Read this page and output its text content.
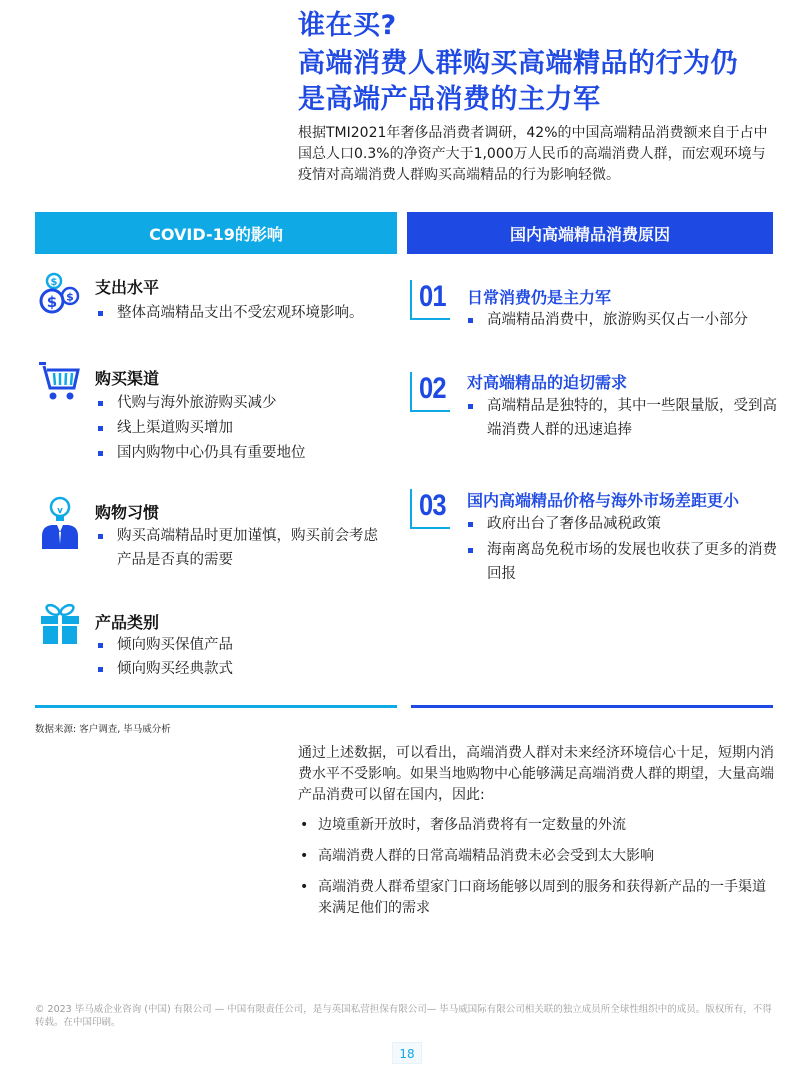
谁在买?
高端消费人群购买高端精品的行为仍
是高端产品消费的主力军

根据TMI2021年奢侈品消费者调研，42%的中国高端精品消费额来自于占中国总人口0.3%的净资产大于1,000万人民币的高端消费人群，而宏观环境与疫情对高端消费人群购买高端精品的行为影响轻微。

COVID-19的影响	国内高端精品消费原因
$
$ $ 支出水平
整体高端精品支出不受宏观环境影响。
购买渠道
代购与海外旅游购买减少
线上渠道购买增加
国内购物中心仍具有重要地位
购物习惯
购买高端精品时更加谨慎，购买前会考虑产品是否真的需要
产品类别
倾向购买保值产品
倾向购买经典款式
01 日常消费仍是主力军
高端精品消费中，旅游购买仅占一小部分
02 对高端精品的迫切需求
高端精品是独特的，其中一些限量版，受到高端消费人群的迅速追捧
03 国内高端精品价格与海外市场差距更小
政府出台了奢侈品减税政策
海南离岛免税市场的发展也收获了更多的消费回报
数据来源: 客户调查, 毕马威分析

通过上述数据，可以看出，高端消费人群对未来经济环境信心十足，短期内消费水平不受影响。如果当地购物中心能够满足高端消费人群的期望，大量高端产品消费可以留在国内，因此:

• 边境重新开放时，奢侈品消费将有一定数量的外流
• 高端消费人群的日常高端精品消费未必会受到太大影响
• 高端消费人群希望家门口商场能够以周到的服务和获得新产品的一手渠道来满足他们的需求
© 2023 毕马威企业咨询 (中国) 有限公司 — 中国有限责任公司，是与英国私营担保有限公司— 毕马威国际有限公司相关联的独立成员所全球性组织中的成员。版权所有，不得转载。在中国印刷。
18
